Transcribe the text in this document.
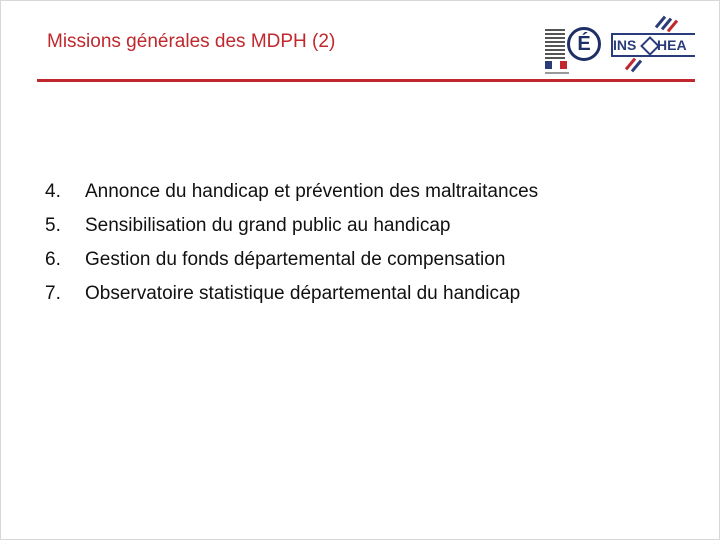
Missions générales des MDPH (2)	É	INS HEA
4. Annonce du handicap et prévention des maltraitances
5. Sensibilisation du grand public au handicap
6. Gestion du fonds départemental de compensation
7. Observatoire statistique départemental du handicap
